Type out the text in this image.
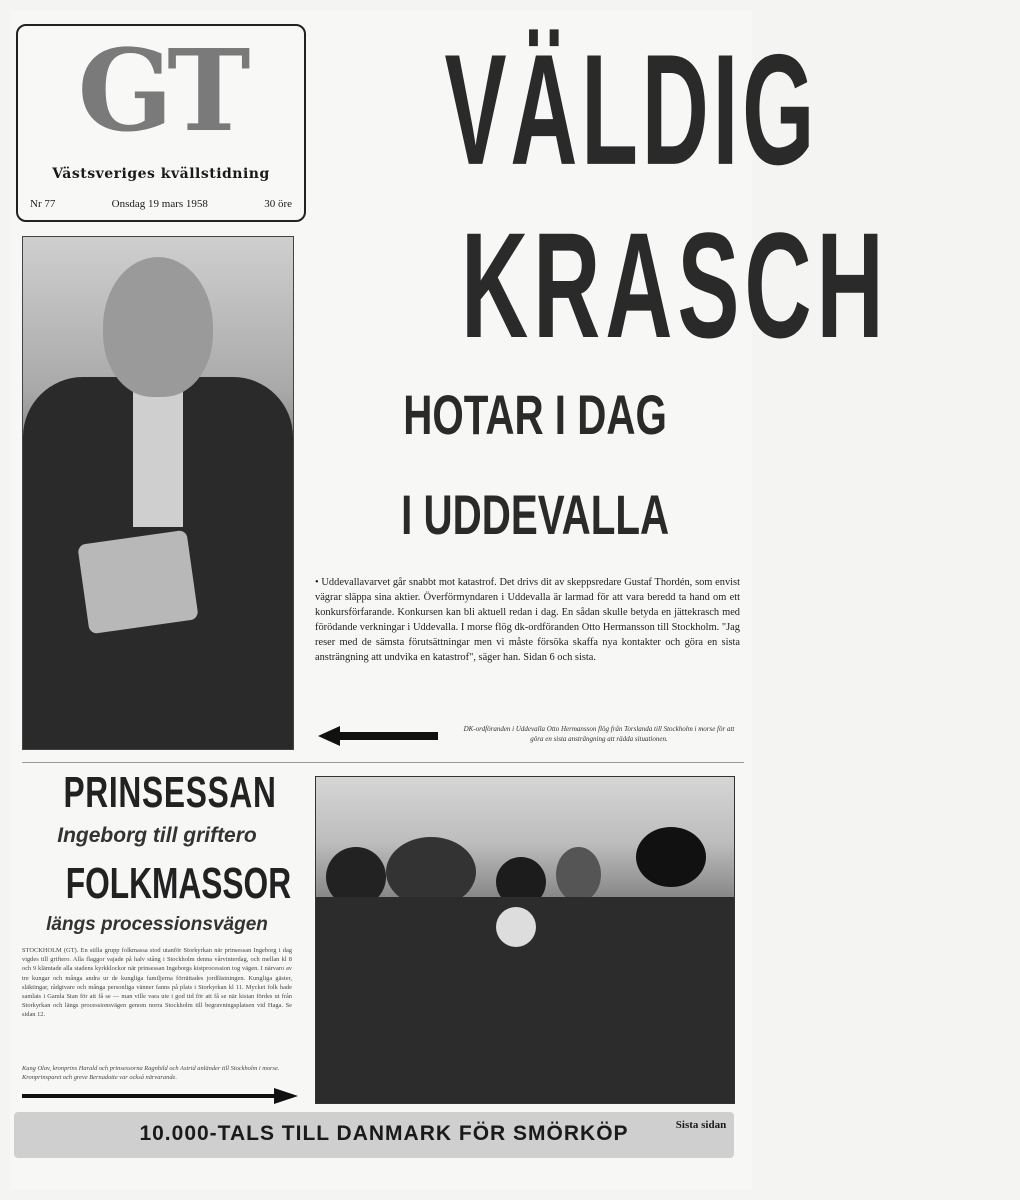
GT
Västsveriges kvällstidning
Nr 77	Onsdag 19 mars 1958	30 öre
VÄLDIG
KRASCH
HOTAR I DAG
I UDDEVALLA
• Uddevallavarvet går snabbt mot katastrof. Det drivs dit av skeppsredare Gustaf Thordén, som envist vägrar släppa sina aktier. Överförmyndaren i Uddevalla är larmad för att vara beredd ta hand om ett konkursförfarande. Konkursen kan bli aktuell redan i dag. En sådan skulle betyda en jättekrasch med förödande verkningar i Uddevalla. I morse flög dk-ordföranden Otto Hermansson till Stockholm. "Jag reser med de sämsta förutsättningar men vi måste försöka skaffa nya kontakter och göra en sista ansträngning att undvika en katastrof", säger han. Sidan 6 och sista.
DK-ordföranden i Uddevalla Otto Hermansson flög från Torslanda till Stockholm i morse för att göra en sista ansträngning att rädda situationen.
PRINSESSAN
Ingeborg till griftero
FOLKMASSOR
längs processionsvägen
STOCKHOLM (GT). En stilla grupp folkmassa stod utanför Storkyrkan när prinsessan Ingeborg i dag vigdes till griftero. Alla flaggor vajade på halv stång i Stockholm denna vårvinterdag, och mellan kl 8 och 9 klämtade alla stadens kyrkklockor när prinsessan Ingeborgs kistprocession tog vägen. I närvaro av tre kungar och många andra ur de kungliga familjerna förrättades jordfästningen. Kungliga gäster, släktingar, rådgivare och många personliga vänner fanns på plats i Storkyrkan kl 11. Mycket folk hade samlats i Gamla Stan för att få se — man ville vara ute i god tid för att få se när kistan fördes ut från Storkyrkan och längs processionsvägen genom norra Stockholm till begravningsplatsen vid Haga. Se sidan 12.
Kung Olav, kronprins Harald och prinsessorna Ragnhild och Astrid anländer till Stockholm i morse. Kronprinsparet och greve Bernadotte var också närvarande.
10.000-TALS TILL DANMARK FÖR SMÖRKÖP	Sista sidan
